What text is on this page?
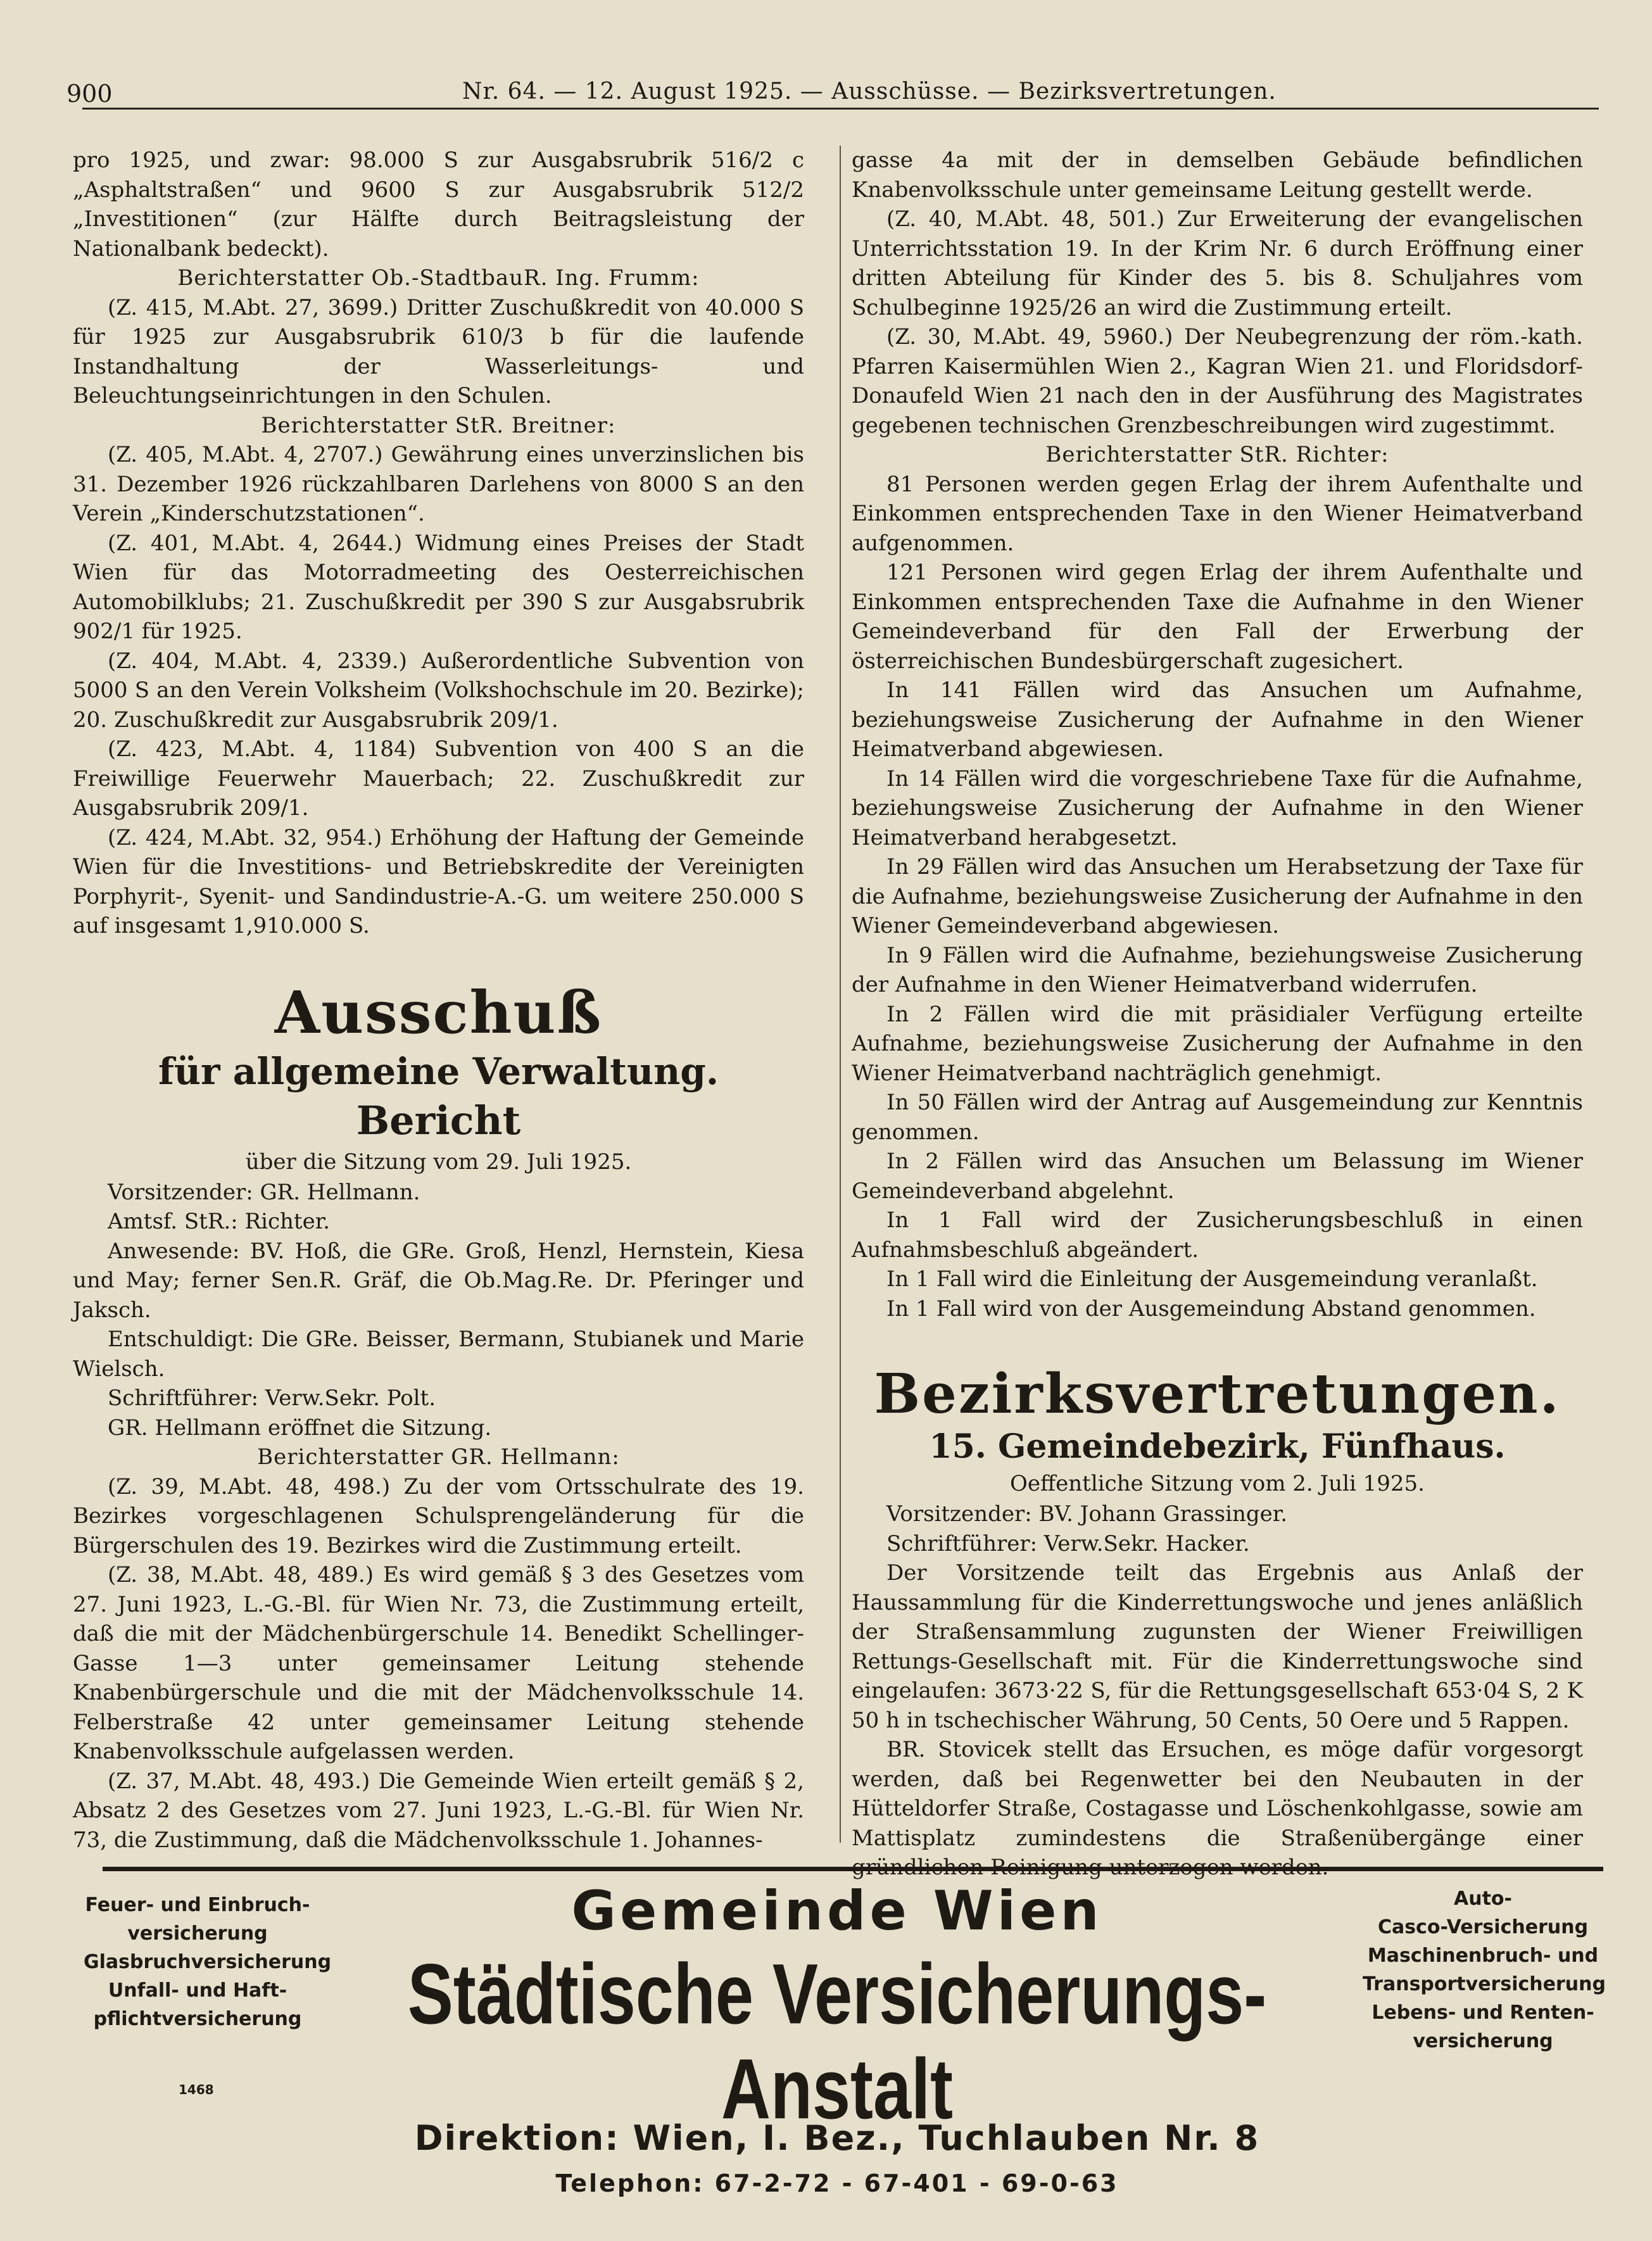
900	Nr. 64. — 12. August 1925. — Ausschüsse. — Bezirksvertretungen.

pro 1925, und zwar: 98.000 S zur Ausgabsrubrik 516/2 c „Asphaltstraßen“ und 9600 S zur Ausgabsrubrik 512/2 „Investitionen“ (zur Hälfte durch Beitragsleistung der Nationalbank bedeckt).

Berichterstatter Ob.-StadtbauR. Ing. Frumm:

(Z. 415, M.Abt. 27, 3699.) Dritter Zuschußkredit von 40.000 S für 1925 zur Ausgabsrubrik 610/3 b für die laufende Instandhaltung der Wasserleitungs- und Beleuchtungseinrichtungen in den Schulen.

Berichterstatter StR. Breitner:

(Z. 405, M.Abt. 4, 2707.) Gewährung eines unverzinslichen bis 31. Dezember 1926 rückzahlbaren Darlehens von 8000 S an den Verein „Kinderschutzstationen“.

(Z. 401, M.Abt. 4, 2644.) Widmung eines Preises der Stadt Wien für das Motorradmeeting des Oesterreichischen Automobilklubs; 21. Zuschußkredit per 390 S zur Ausgabsrubrik 902/1 für 1925.

(Z. 404, M.Abt. 4, 2339.) Außerordentliche Subvention von 5000 S an den Verein Volksheim (Volkshochschule im 20. Bezirke); 20. Zuschußkredit zur Ausgabsrubrik 209/1.

(Z. 423, M.Abt. 4, 1184) Subvention von 400 S an die Freiwillige Feuerwehr Mauerbach; 22. Zuschußkredit zur Ausgabsrubrik 209/1.

(Z. 424, M.Abt. 32, 954.) Erhöhung der Haftung der Gemeinde Wien für die Investitions- und Betriebskredite der Vereinigten Porphyrit-, Syenit- und Sandindustrie-A.-G. um weitere 250.000 S auf insgesamt 1,910.000 S.

Ausschuß
für allgemeine Verwaltung.
Bericht

über die Sitzung vom 29. Juli 1925.

Vorsitzender: GR. Hellmann.

Amtsf. StR.: Richter.

Anwesende: BV. Hoß, die GRe. Groß, Henzl, Hernstein, Kiesa und May; ferner Sen.R. Gräf, die Ob.Mag.Re. Dr. Pferinger und Jaksch.

Entschuldigt: Die GRe. Beisser, Bermann, Stubianek und Marie Wielsch.

Schriftführer: Verw.Sekr. Polt.

GR. Hellmann eröffnet die Sitzung.

Berichterstatter GR. Hellmann:

(Z. 39, M.Abt. 48, 498.) Zu der vom Ortsschulrate des 19. Bezirkes vorgeschlagenen Schulsprengeländerung für die Bürgerschulen des 19. Bezirkes wird die Zustimmung erteilt.

(Z. 38, M.Abt. 48, 489.) Es wird gemäß § 3 des Gesetzes vom 27. Juni 1923, L.-G.-Bl. für Wien Nr. 73, die Zustimmung erteilt, daß die mit der Mädchenbürgerschule 14. Benedikt Schellinger-Gasse 1—3 unter gemeinsamer Leitung stehende Knabenbürgerschule und die mit der Mädchenvolksschule 14. Felberstraße 42 unter gemeinsamer Leitung stehende Knabenvolksschule aufgelassen werden.

(Z. 37, M.Abt. 48, 493.) Die Gemeinde Wien erteilt gemäß § 2, Absatz 2 des Gesetzes vom 27. Juni 1923, L.-G.-Bl. für Wien Nr. 73, die Zustimmung, daß die Mädchenvolksschule 1. Johannes-

gasse 4a mit der in demselben Gebäude befindlichen Knabenvolksschule unter gemeinsame Leitung gestellt werde.

(Z. 40, M.Abt. 48, 501.) Zur Erweiterung der evangelischen Unterrichtsstation 19. In der Krim Nr. 6 durch Eröffnung einer dritten Abteilung für Kinder des 5. bis 8. Schuljahres vom Schulbeginne 1925/26 an wird die Zustimmung erteilt.

(Z. 30, M.Abt. 49, 5960.) Der Neubegrenzung der röm.-kath. Pfarren Kaisermühlen Wien 2., Kagran Wien 21. und Floridsdorf-Donaufeld Wien 21 nach den in der Ausführung des Magistrates gegebenen technischen Grenzbeschreibungen wird zugestimmt.

Berichterstatter StR. Richter:

81 Personen werden gegen Erlag der ihrem Aufenthalte und Einkommen entsprechenden Taxe in den Wiener Heimatverband aufgenommen.

121 Personen wird gegen Erlag der ihrem Aufenthalte und Einkommen entsprechenden Taxe die Aufnahme in den Wiener Gemeindeverband für den Fall der Erwerbung der österreichischen Bundesbürgerschaft zugesichert.

In 141 Fällen wird das Ansuchen um Aufnahme, beziehungsweise Zusicherung der Aufnahme in den Wiener Heimatverband abgewiesen.

In 14 Fällen wird die vorgeschriebene Taxe für die Aufnahme, beziehungsweise Zusicherung der Aufnahme in den Wiener Heimatverband herabgesetzt.

In 29 Fällen wird das Ansuchen um Herabsetzung der Taxe für die Aufnahme, beziehungsweise Zusicherung der Aufnahme in den Wiener Gemeindeverband abgewiesen.

In 9 Fällen wird die Aufnahme, beziehungsweise Zusicherung der Aufnahme in den Wiener Heimatverband widerrufen.

In 2 Fällen wird die mit präsidialer Verfügung erteilte Aufnahme, beziehungsweise Zusicherung der Aufnahme in den Wiener Heimatverband nachträglich genehmigt.

In 50 Fällen wird der Antrag auf Ausgemeindung zur Kenntnis genommen.

In 2 Fällen wird das Ansuchen um Belassung im Wiener Gemeindeverband abgelehnt.

In 1 Fall wird der Zusicherungsbeschluß in einen Aufnahmsbeschluß abgeändert.

In 1 Fall wird die Einleitung der Ausgemeindung veranlaßt.

In 1 Fall wird von der Ausgemeindung Abstand genommen.

Bezirksvertretungen.
15. Gemeindebezirk, Fünfhaus.

Oeffentliche Sitzung vom 2. Juli 1925.

Vorsitzender: BV. Johann Grassinger.

Schriftführer: Verw.Sekr. Hacker.

Der Vorsitzende teilt das Ergebnis aus Anlaß der Haussammlung für die Kinderrettungswoche und jenes anläßlich der Straßensammlung zugunsten der Wiener Freiwilligen Rettungs-Gesellschaft mit. Für die Kinderrettungswoche sind eingelaufen: 3673·22 S, für die Rettungsgesellschaft 653·04 S, 2 K 50 h in tschechischer Währung, 50 Cents, 50 Oere und 5 Rappen.

BR. Stovicek stellt das Ersuchen, es möge dafür vorgesorgt werden, daß bei Regenwetter bei den Neubauten in der Hütteldorfer Straße, Costagasse und Löschenkohlgasse, sowie am Mattisplatz zumindestens die Straßenübergänge einer

Feuer- und Einbruch-
versicherung
Glasbruchversicherung
Unfall- und Haft-
pflichtversicherung

Gemeinde Wien

Städtische Versicherungs-Anstalt

Direktion: Wien, I. Bez., Tuchlauben Nr. 8

Telephon: 67-2-72 - 67-401 - 69-0-63

Auto-
Casco-Versicherung
Maschinenbruch- und
Transportversicherung
Lebens- und Renten-
versicherung
1468
